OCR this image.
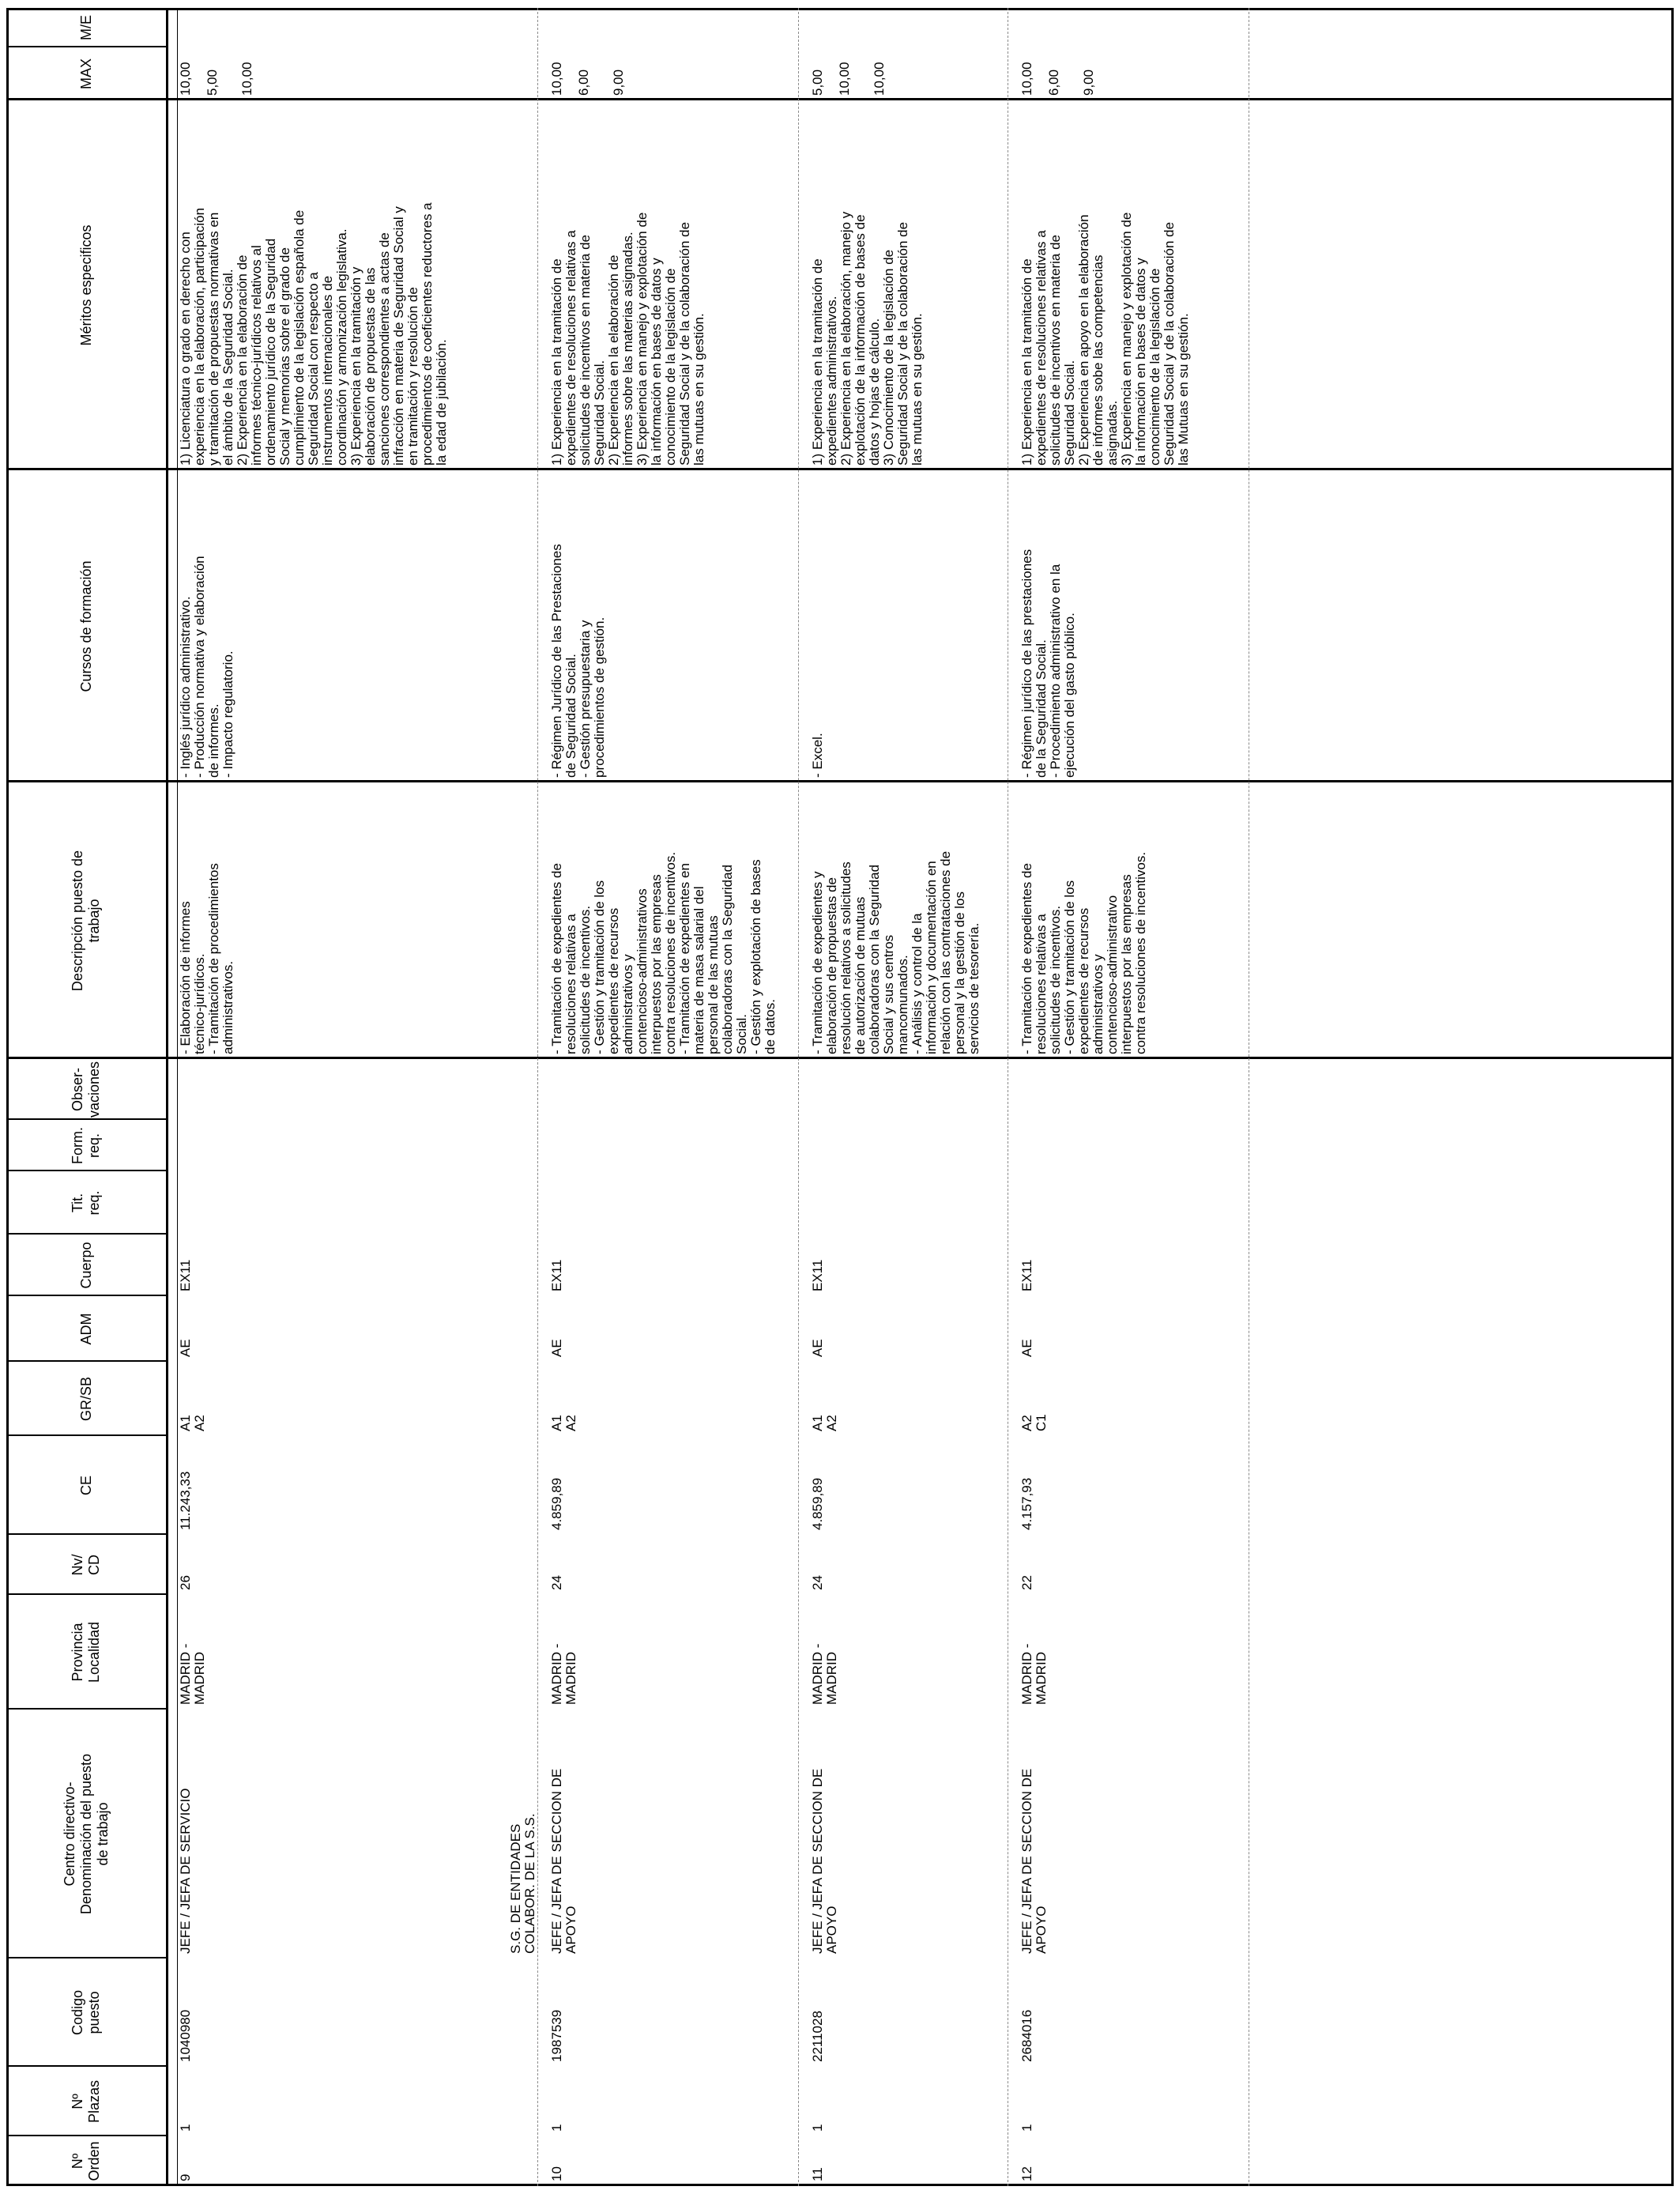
Nº
Orden
Nº
Plazas
Codigo
puesto
Centro directivo-
Denominación del puesto
de trabajo
Provincia
Localidad
Nv/
CD
CE
GR/SB
ADM
Cuerpo
Tit.
req.
Form.
req.
Obser-
vaciones
Descripción puesto de
trabajo
Cursos de formación
Méritos especificos
MAX
M/E
9
1
1040980
JEFE / JEFA DE SERVICIO
MADRID -
MADRID
26
11.243,33
A1
A2
AE
EX11
- Elaboración de informes
técnico-jurídicos.
- Tramitación de procedimientos
administrativos.
- Inglés jurídico administrativo.
- Producción normativa y elaboración
de informes.
- Impacto regulatorio.
1) Licenciatura o grado en derecho con
experiencia en la elaboración, participación
y tramitación de propuestas normativas en
el ámbito de la Seguridad Social.
2) Experiencia en la elaboración de
informes técnico-jurídicos relativos al
ordenamiento jurídico de la Seguridad
Social y memorias sobre el grado de
cumplimiento de la legislación española de
Seguridad Social con respecto a
instrumentos internacionales de
coordinación y armonización legislativa.
3) Experiencia en la tramitación y
elaboración de propuestas de las
sanciones correspondientes a actas de
infracción en materia de Seguridad Social y
en tramitación y resolución de
procedimientos de coeficientes reductores a
la edad de jubilación.
10,00 5,00 10,00
10
1
1987539
JEFE / JEFA DE SECCION DE
APOYO
S.G. DE ENTIDADES
COLABOR. DE LA S.S.
MADRID -
MADRID
24
4.859,89
A1
A2
AE
EX11
- Tramitación de expedientes de
resoluciones relativas a
solicitudes de incentivos.
- Gestión y tramitación de los
expedientes de recursos
administrativos y
contencioso-administrativos
interpuestos por las empresas
contra resoluciones de incentivos.
- Tramitación de expedientes en
materia de masa salarial del
personal de las mutuas
colaboradoras con la Seguridad
Social.
- Gestión y explotación de bases
de datos.
- Régimen Jurídico de las Prestaciones
de Seguridad Social.
- Gestión presupuestaria y
procedimientos de gestión.
1) Experiencia en la tramitación de
expedientes de resoluciones relativas a
solicitudes de incentivos en materia de
Seguridad Social.
2) Experiencia en la elaboración de
informes sobre las materias asignadas.
3) Experiencia en manejo y explotación de
la información en bases de datos y
conocimiento de la legislación de
Seguridad Social y de la colaboración de
las mutuas en su gestión.
10,00 6,00 9,00
11
1
2211028
JEFE / JEFA DE SECCION DE
APOYO
MADRID -
MADRID
24
4.859,89
A1
A2
AE
EX11
- Tramitación de expedientes y
elaboración de propuestas de
resolución relativos a solicitudes
de autorización de mutuas
colaboradoras con la Seguridad
Social y sus centros
mancomunados.
- Análisis y control de la
información y documentación en
relación con las contrataciones de
personal y la gestión de los
servicios de tesorería.
- Excel.
1) Experiencia en la tramitación de
expedientes administrativos.
2) Experiencia en la elaboración, manejo y
explotación de la información de bases de
datos y hojas de cálculo.
3) Conocimiento de la legislación de
Seguridad Social y de la colaboración de
las mutuas en su gestión.
5,00 10,00 10,00
12
1
2684016
JEFE / JEFA DE SECCION DE
APOYO
MADRID -
MADRID
22
4.157,93
A2
C1
AE
EX11
- Tramitación de expedientes de
resoluciones relativas a
solicitudes de incentivos.
- Gestión y tramitación de los
expedientes de recursos
administrativos y
contencioso-administrativo
interpuestos por las empresas
contra resoluciones de incentivos.
- Régimen jurídico de las prestaciones
de la Seguridad Social.
- Procedimiento administrativo en la
ejecución del gasto público.
1) Experiencia en la tramitación de
expedientes de resoluciones relativas a
solicitudes de incentivos en materia de
Seguridad Social.
2) Experiencia en apoyo en la elaboración
de informes sobe las competencias
asignadas.
3) Experiencia en manejo y explotación de
la información en bases de datos y
conocimiento de la legislación de
Seguridad Social y de la colaboración de
las Mutuas en su gestión.
10,00 6,00 9,00
